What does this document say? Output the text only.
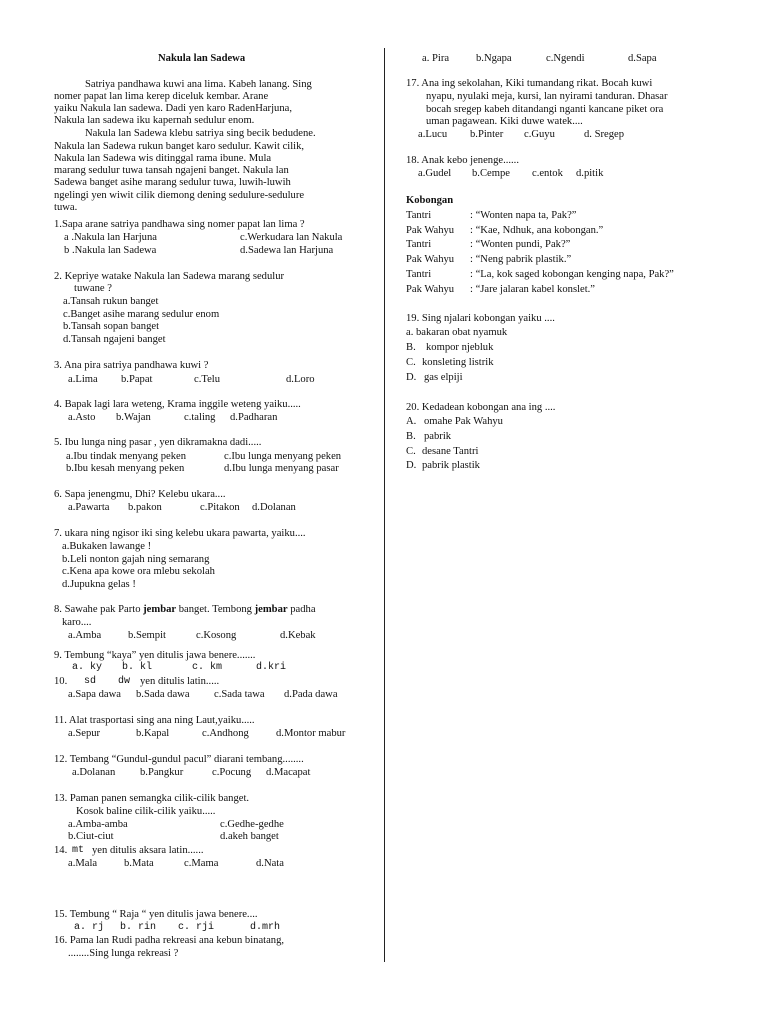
Nakula lan Sadewa
Satriya pandhawa kuwi ana lima. Kabeh lanang. Sing
nomer papat lan lima kerep diceluk kembar. Arane
yaiku Nakula lan sadewa. Dadi yen karo RadenHarjuna,
Nakula lan sadewa iku kapernah sedulur enom.
Nakula lan Sadewa klebu satriya sing becik bedudene.
Nakula lan Sadewa rukun banget karo sedulur. Kawit cilik,
Nakula lan Sadewa wis ditinggal rama ibune. Mula
marang sedulur tuwa tansah ngajeni banget. Nakula lan
Sadewa banget asihe marang sedulur tuwa, luwih-luwih
ngelingi yen wiwit cilik diemong dening sedulure-sedulure
tuwa.
1.Sapa arane satriya pandhawa sing nomer papat lan lima ?
a .Nakula lan Harjuna	c.Werkudara lan Nakula
b .Nakula lan Sadewa	d.Sadewa lan Harjuna
2. Kepriye watake Nakula lan Sadewa marang sedulur
tuwane ?
a.Tansah rukun banget
c.Banget asihe marang sedulur enom
b.Tansah sopan banget
d.Tansah ngajeni banget
3. Ana pira satriya pandhawa kuwi ?
a.Lima b.Papat	c.Telu	d.Loro
4. Bapak lagi lara weteng, Krama inggile weteng yaiku.....
a.Asto b.Wajan	c.taling d.Padharan
5. Ibu lunga ning pasar , yen dikramakna dadi.....
a.Ibu tindak menyang peken	c.Ibu lunga menyang peken
b.Ibu kesah menyang peken	d.Ibu lunga menyang pasar
6. Sapa jenengmu, Dhi? Kelebu ukara....
a.Pawarta b.pakon	c.Pitakon d.Dolanan
7. ukara ning ngisor iki sing kelebu ukara pawarta, yaiku....
a.Bukaken lawange !
b.Leli nonton gajah ning semarang
c.Kena apa kowe ora mlebu sekolah
d.Jupukna gelas !
8. Sawahe pak Parto jembar banget. Tembong jembar padha
karo....
a.Amba	b.Sempit	c.Kosong	d.Kebak
9. Tembung “kaya” yen ditulis jawa benere.......
a. ky b. kl	c. km	d.kri
10. sd dw yen ditulis latin.....
a.Sapa dawa b.Sada dawa c.Sada tawa d.Pada dawa
11. Alat trasportasi sing ana ning Laut,yaiku.....
a.Sepur	b.Kapal	c.Andhong	d.Montor mabur
12. Tembang “Gundul-gundul pacul” diarani tembang........
a.Dolanan b.Pangkur	c.Pocung d.Macapat
13. Paman panen semangka cilik-cilik banget.
Kosok baline cilik-cilik yaiku.....
a.Amba-amba	c.Gedhe-gedhe
b.Ciut-ciut	d.akeh banget
14. mt yen ditulis aksara latin......
a.Mala	b.Mata	c.Mama	d.Nata
15. Tembung “ Raja “ yen ditulis jawa benere....
a. rj b. rin c. rji	d.mrh
16. Pama lan Rudi padha rekreasi ana kebun binatang,
........Sing lunga rekreasi ?
a. Pira	b.Ngapa	c.Ngendi	d.Sapa
17. Ana ing sekolahan, Kiki tumandang rikat. Bocah kuwi
nyapu, nyulaki meja, kursi, lan nyirami tanduran. Dhasar
bocah sregep kabeh ditandangi nganti kancane piket ora
uman pagawean. Kiki duwe watek....
a.Lucu b.Pinter c.Guyu	d. Sregep
18. Anak kebo jenenge......
a.Gudel b.Cempe c.entok d.pitik
Kobongan
Tantri	: “Wonten napa ta, Pak?”
Pak Wahyu : “Kae, Ndhuk, ana kobongan.”
Tantri	: “Wonten pundi, Pak?”
Pak Wahyu : “Neng pabrik plastik.”
Tantri	: “La, kok saged kobongan kenging napa, Pak?”
Pak Wahyu : “Jare jalaran kabel konslet.”
19. Sing njalari kobongan yaiku ....
a. bakaran obat nyamuk
B. kompor njebluk
C. konsleting listrik
D. gas elpiji
20. Kedadean kobongan ana ing ....
A. omahe Pak Wahyu
B. pabrik
C. desane Tantri
D. pabrik plastik
